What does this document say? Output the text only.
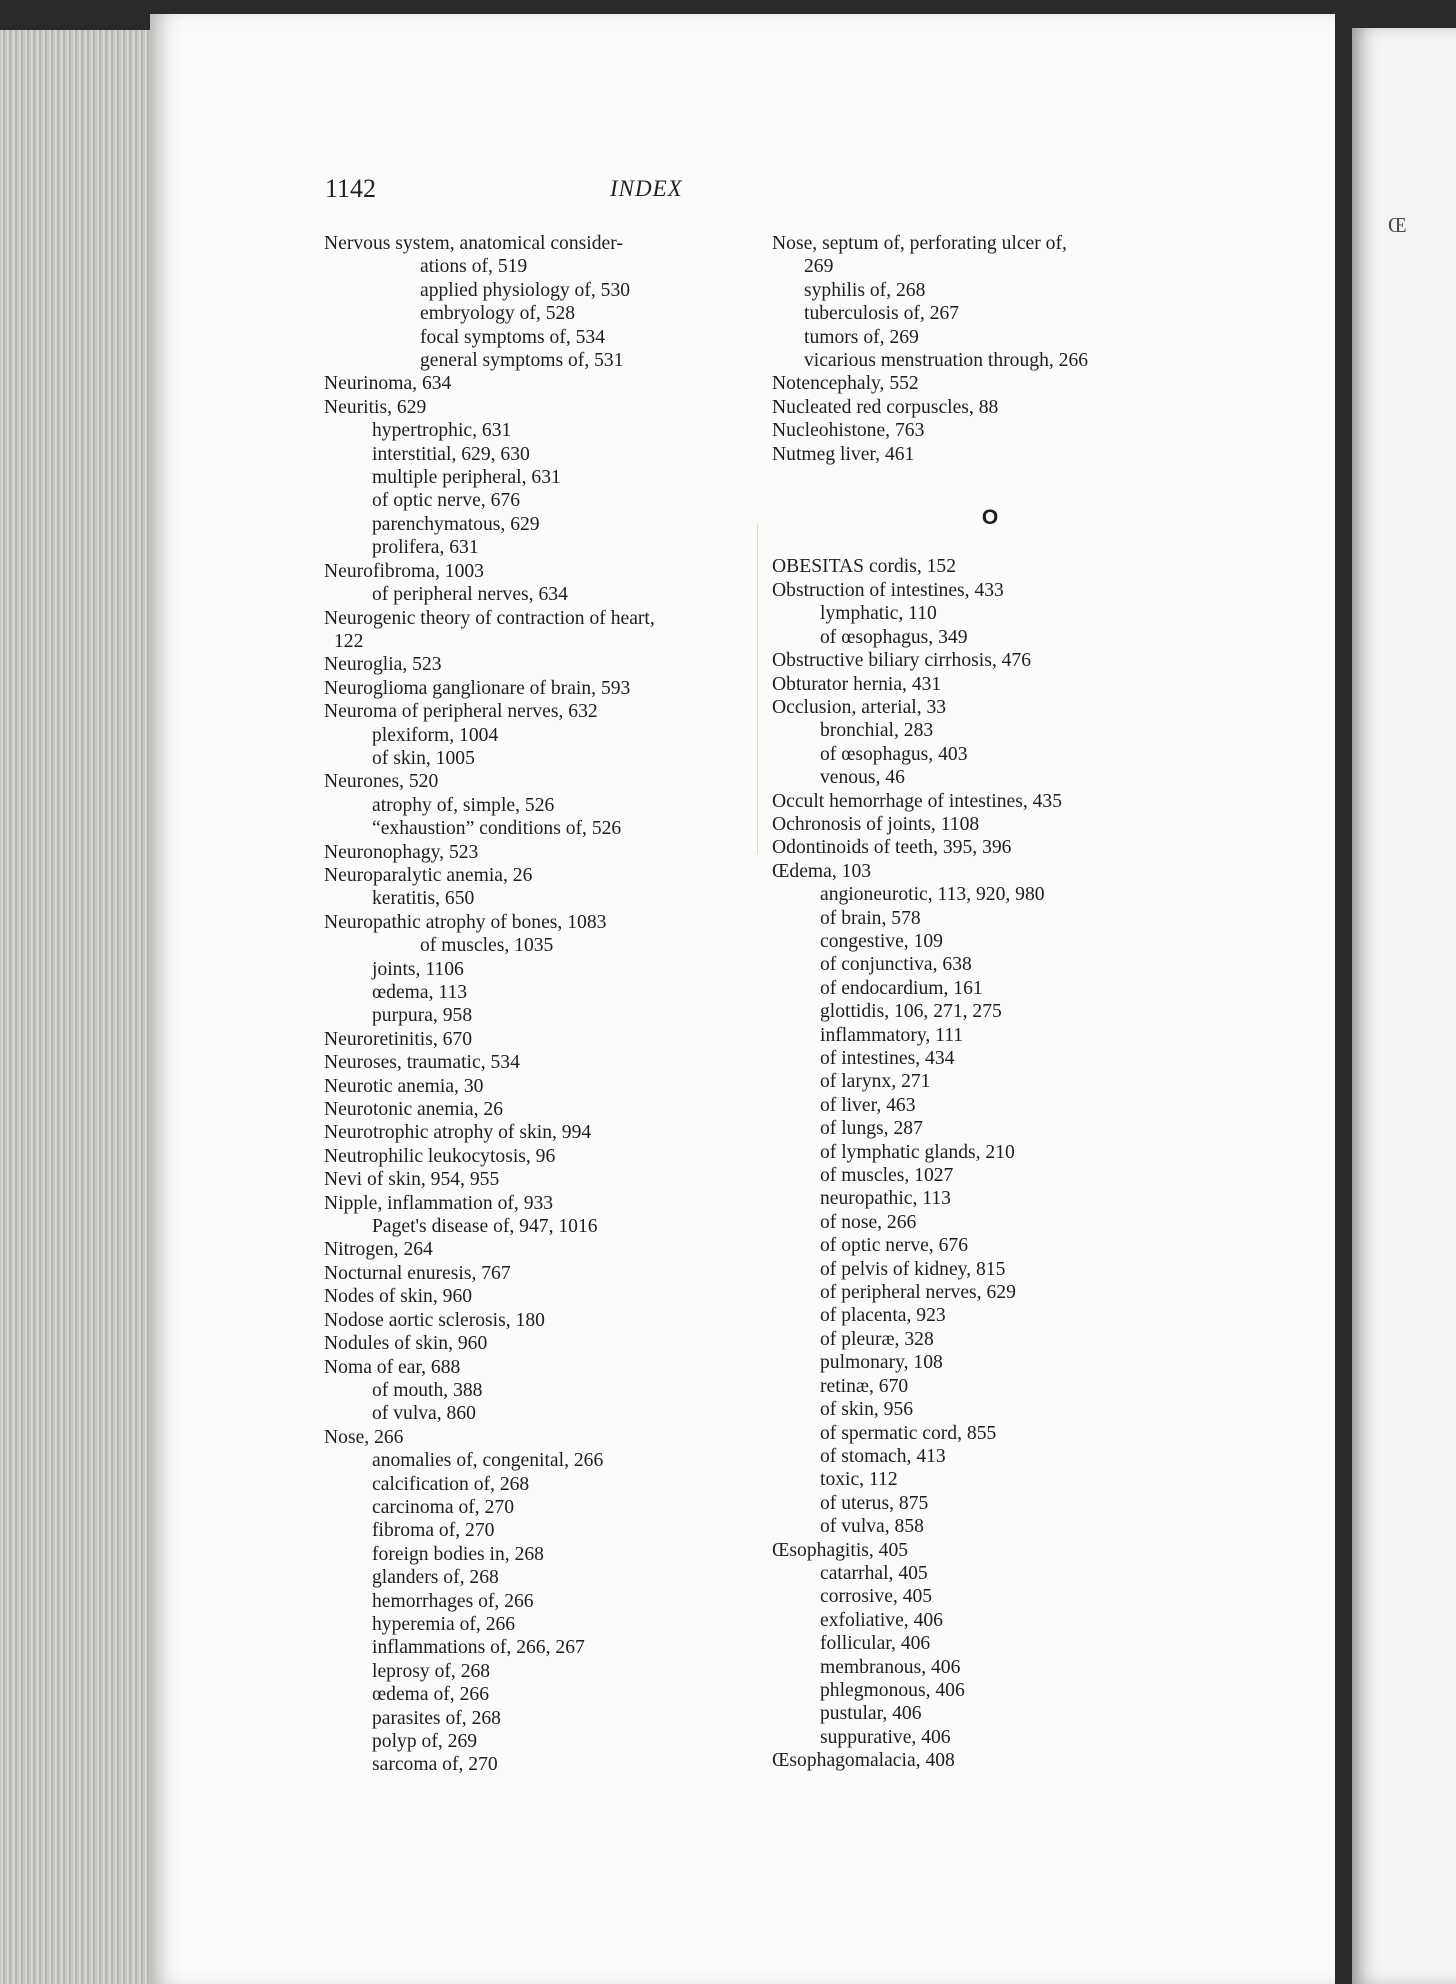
1142	INDEX
Nervous system, anatomical consider-
ations of, 519
applied physiology of, 530
embryology of, 528
focal symptoms of, 534
general symptoms of, 531
Neurinoma, 634
Neuritis, 629
hypertrophic, 631
interstitial, 629, 630
multiple peripheral, 631
of optic nerve, 676
parenchymatous, 629
prolifera, 631
Neurofibroma, 1003
of peripheral nerves, 634
Neurogenic theory of contraction of heart,
122
Neuroglia, 523
Neuroglioma ganglionare of brain, 593
Neuroma of peripheral nerves, 632
plexiform, 1004
of skin, 1005
Neurones, 520
atrophy of, simple, 526
“exhaustion” conditions of, 526
Neuronophagy, 523
Neuroparalytic anemia, 26
keratitis, 650
Neuropathic atrophy of bones, 1083
of muscles, 1035
joints, 1106
œdema, 113
purpura, 958
Neuroretinitis, 670
Neuroses, traumatic, 534
Neurotic anemia, 30
Neurotonic anemia, 26
Neurotrophic atrophy of skin, 994
Neutrophilic leukocytosis, 96
Nevi of skin, 954, 955
Nipple, inflammation of, 933
Paget's disease of, 947, 1016
Nitrogen, 264
Nocturnal enuresis, 767
Nodes of skin, 960
Nodose aortic sclerosis, 180
Nodules of skin, 960
Noma of ear, 688
of mouth, 388
of vulva, 860
Nose, 266
anomalies of, congenital, 266
calcification of, 268
carcinoma of, 270
fibroma of, 270
foreign bodies in, 268
glanders of, 268
hemorrhages of, 266
hyperemia of, 266
inflammations of, 266, 267
leprosy of, 268
œdema of, 266
parasites of, 268
polyp of, 269
sarcoma of, 270
Nose, septum of, perforating ulcer of,
269
syphilis of, 268
tuberculosis of, 267
tumors of, 269
vicarious menstruation through, 266
Notencephaly, 552
Nucleated red corpuscles, 88
Nucleohistone, 763
Nutmeg liver, 461
O
OBESITAS cordis, 152
Obstruction of intestines, 433
lymphatic, 110
of œsophagus, 349
Obstructive biliary cirrhosis, 476
Obturator hernia, 431
Occlusion, arterial, 33
bronchial, 283
of œsophagus, 403
venous, 46
Occult hemorrhage of intestines, 435
Ochronosis of joints, 1108
Odontinoids of teeth, 395, 396
Œdema, 103
angioneurotic, 113, 920, 980
of brain, 578
congestive, 109
of conjunctiva, 638
of endocardium, 161
glottidis, 106, 271, 275
inflammatory, 111
of intestines, 434
of larynx, 271
of liver, 463
of lungs, 287
of lymphatic glands, 210
of muscles, 1027
neuropathic, 113
of nose, 266
of optic nerve, 676
of pelvis of kidney, 815
of peripheral nerves, 629
of placenta, 923
of pleuræ, 328
pulmonary, 108
retinæ, 670
of skin, 956
of spermatic cord, 855
of stomach, 413
toxic, 112
of uterus, 875
of vulva, 858
Œsophagitis, 405
catarrhal, 405
corrosive, 405
exfoliative, 406
follicular, 406
membranous, 406
phlegmonous, 406
pustular, 406
suppurative, 406
Œsophagomalacia, 408
Œ
